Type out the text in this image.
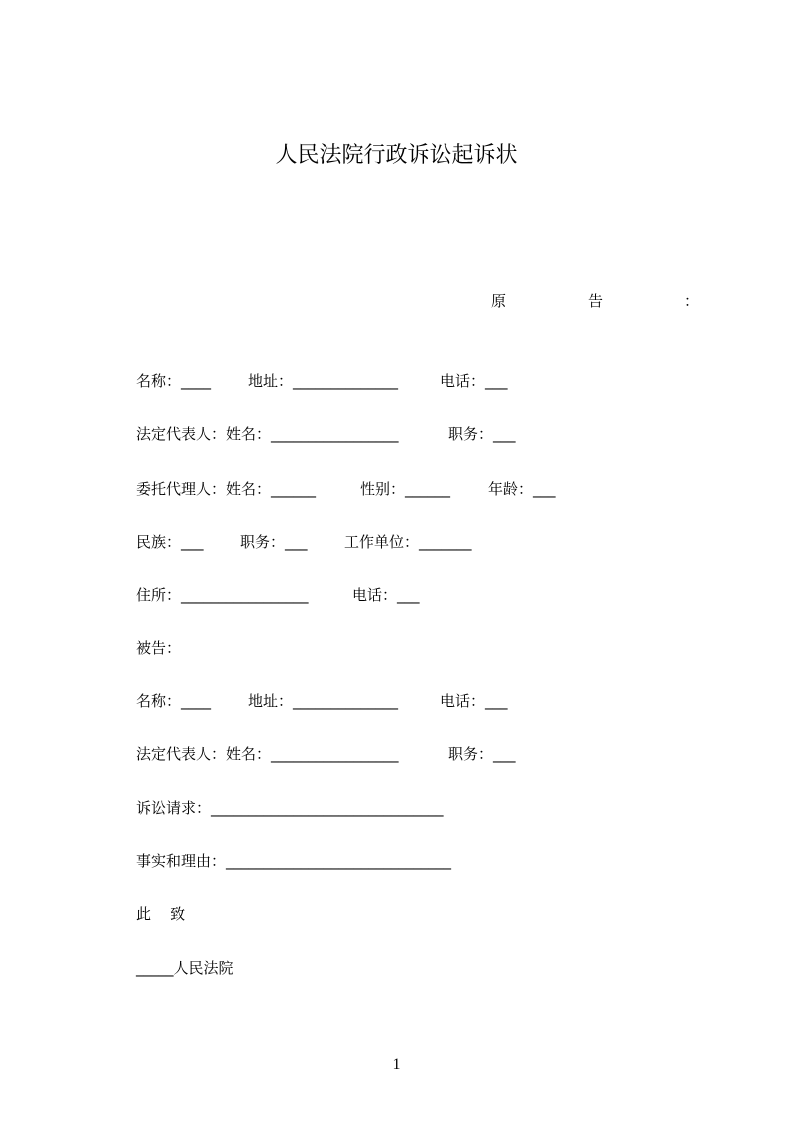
人民法院行政诉讼起诉状
原	告	：
名称：____ 地址：______________	电话：___
法定代表人：姓名：_________________	职务：___
委托代理人：姓名：______	性别：______	年龄：___
民族：___ 职务：___ 工作单位：_______
住所：_________________	电话：___
被告：
名称：____ 地址：______________	电话：___
法定代表人：姓名：_________________	职务：___
诉讼请求：_______________________________
事实和理由：______________________________
此    致
_____人民法院
1
